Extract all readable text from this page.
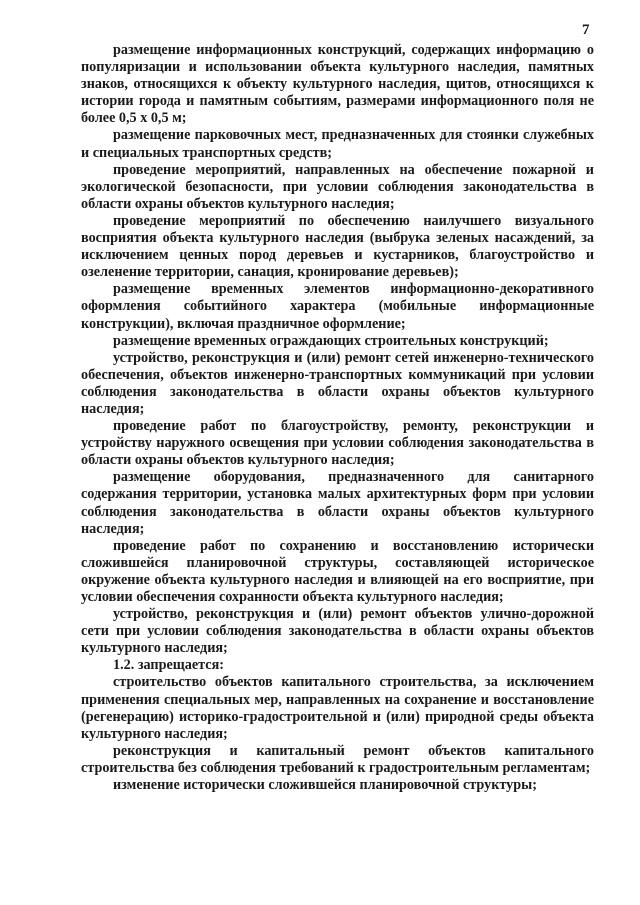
7

размещение информационных конструкций, содержащих информацию о популяризации и использовании объекта культурного наследия, памятных знаков, относящихся к объекту культурного наследия, щитов, относящихся к истории города и памятным событиям, размерами информационного поля не более 0,5 х 0,5 м;

размещение парковочных мест, предназначенных для стоянки служебных и специальных транспортных средств;

проведение мероприятий, направленных на обеспечение пожарной и экологической безопасности, при условии соблюдения законодательства в области охраны объектов культурного наследия;

проведение мероприятий по обеспечению наилучшего визуального восприятия объекта культурного наследия (выбрука зеленых насаждений, за исключением ценных пород деревьев и кустарников, благоустройство и озеленение территории, санация, кронирование деревьев);

размещение временных элементов информационно-декоративного оформления событийного характера (мобильные информационные конструкции), включая праздничное оформление;

размещение временных ограждающих строительных конструкций;

устройство, реконструкция и (или) ремонт сетей инженерно-технического обеспечения, объектов инженерно-транспортных коммуникаций при условии соблюдения законодательства в области охраны объектов культурного наследия;

проведение работ по благоустройству, ремонту, реконструкции и устройству наружного освещения при условии соблюдения законодательства в области охраны объектов культурного наследия;

размещение оборудования, предназначенного для санитарного содержания территории, установка малых архитектурных форм при условии соблюдения законодательства в области охраны объектов культурного наследия;

проведение работ по сохранению и восстановлению исторически сложившейся планировочной структуры, составляющей историческое окружение объекта культурного наследия и влияющей на его восприятие, при условии обеспечения сохранности объекта культурного наследия;

устройство, реконструкция и (или) ремонт объектов улично-дорожной сети при условии соблюдения законодательства в области охраны объектов культурного наследия;

1.2. запрещается:

строительство объектов капитального строительства, за исключением применения специальных мер, направленных на сохранение и восстановление (регенерацию) историко-градостроительной и (или) природной среды объекта культурного наследия;

реконструкция и капитальный ремонт объектов капитального строительства без соблюдения требований к градостроительным регламентам;

изменение исторически сложившейся планировочной структуры;
